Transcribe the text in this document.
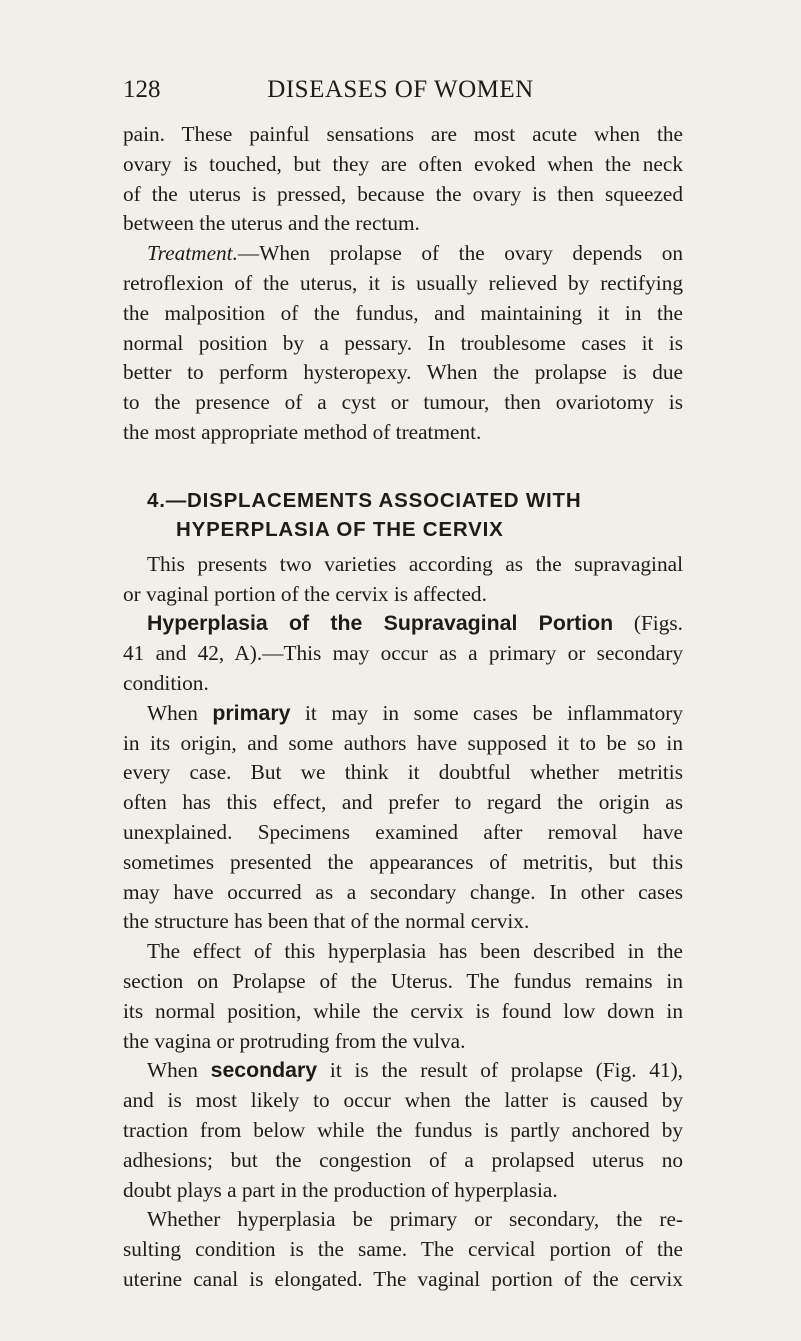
128	DISEASES OF WOMEN

pain. These painful sensations are most acute when the
ovary is touched, but they are often evoked when the neck
of the uterus is pressed, because the ovary is then squeezed
between the uterus and the rectum.

Treatment.—When prolapse of the ovary depends on
retroflexion of the uterus, it is usually relieved by rectifying
the malposition of the fundus, and maintaining it in the
normal position by a pessary. In troublesome cases it is
better to perform hysteropexy. When the prolapse is due
to the presence of a cyst or tumour, then ovariotomy is
the most appropriate method of treatment.

4.—DISPLACEMENTS ASSOCIATED WITH
HYPERPLASIA OF THE CERVIX

This presents two varieties according as the supravaginal
or vaginal portion of the cervix is affected.

Hyperplasia of the Supravaginal Portion (Figs.
41 and 42, A).—This may occur as a primary or secondary
condition.

When primary it may in some cases be inflammatory
in its origin, and some authors have supposed it to be so in
every case. But we think it doubtful whether metritis
often has this effect, and prefer to regard the origin as
unexplained. Specimens examined after removal have
sometimes presented the appearances of metritis, but this
may have occurred as a secondary change. In other cases
the structure has been that of the normal cervix.

The effect of this hyperplasia has been described in the
section on Prolapse of the Uterus. The fundus remains in
its normal position, while the cervix is found low down in
the vagina or protruding from the vulva.

When secondary it is the result of prolapse (Fig. 41),
and is most likely to occur when the latter is caused by
traction from below while the fundus is partly anchored by
adhesions; but the congestion of a prolapsed uterus no
doubt plays a part in the production of hyperplasia.

Whether hyperplasia be primary or secondary, the re-
sulting condition is the same. The cervical portion of the
uterine canal is elongated. The vaginal portion of the cervix
